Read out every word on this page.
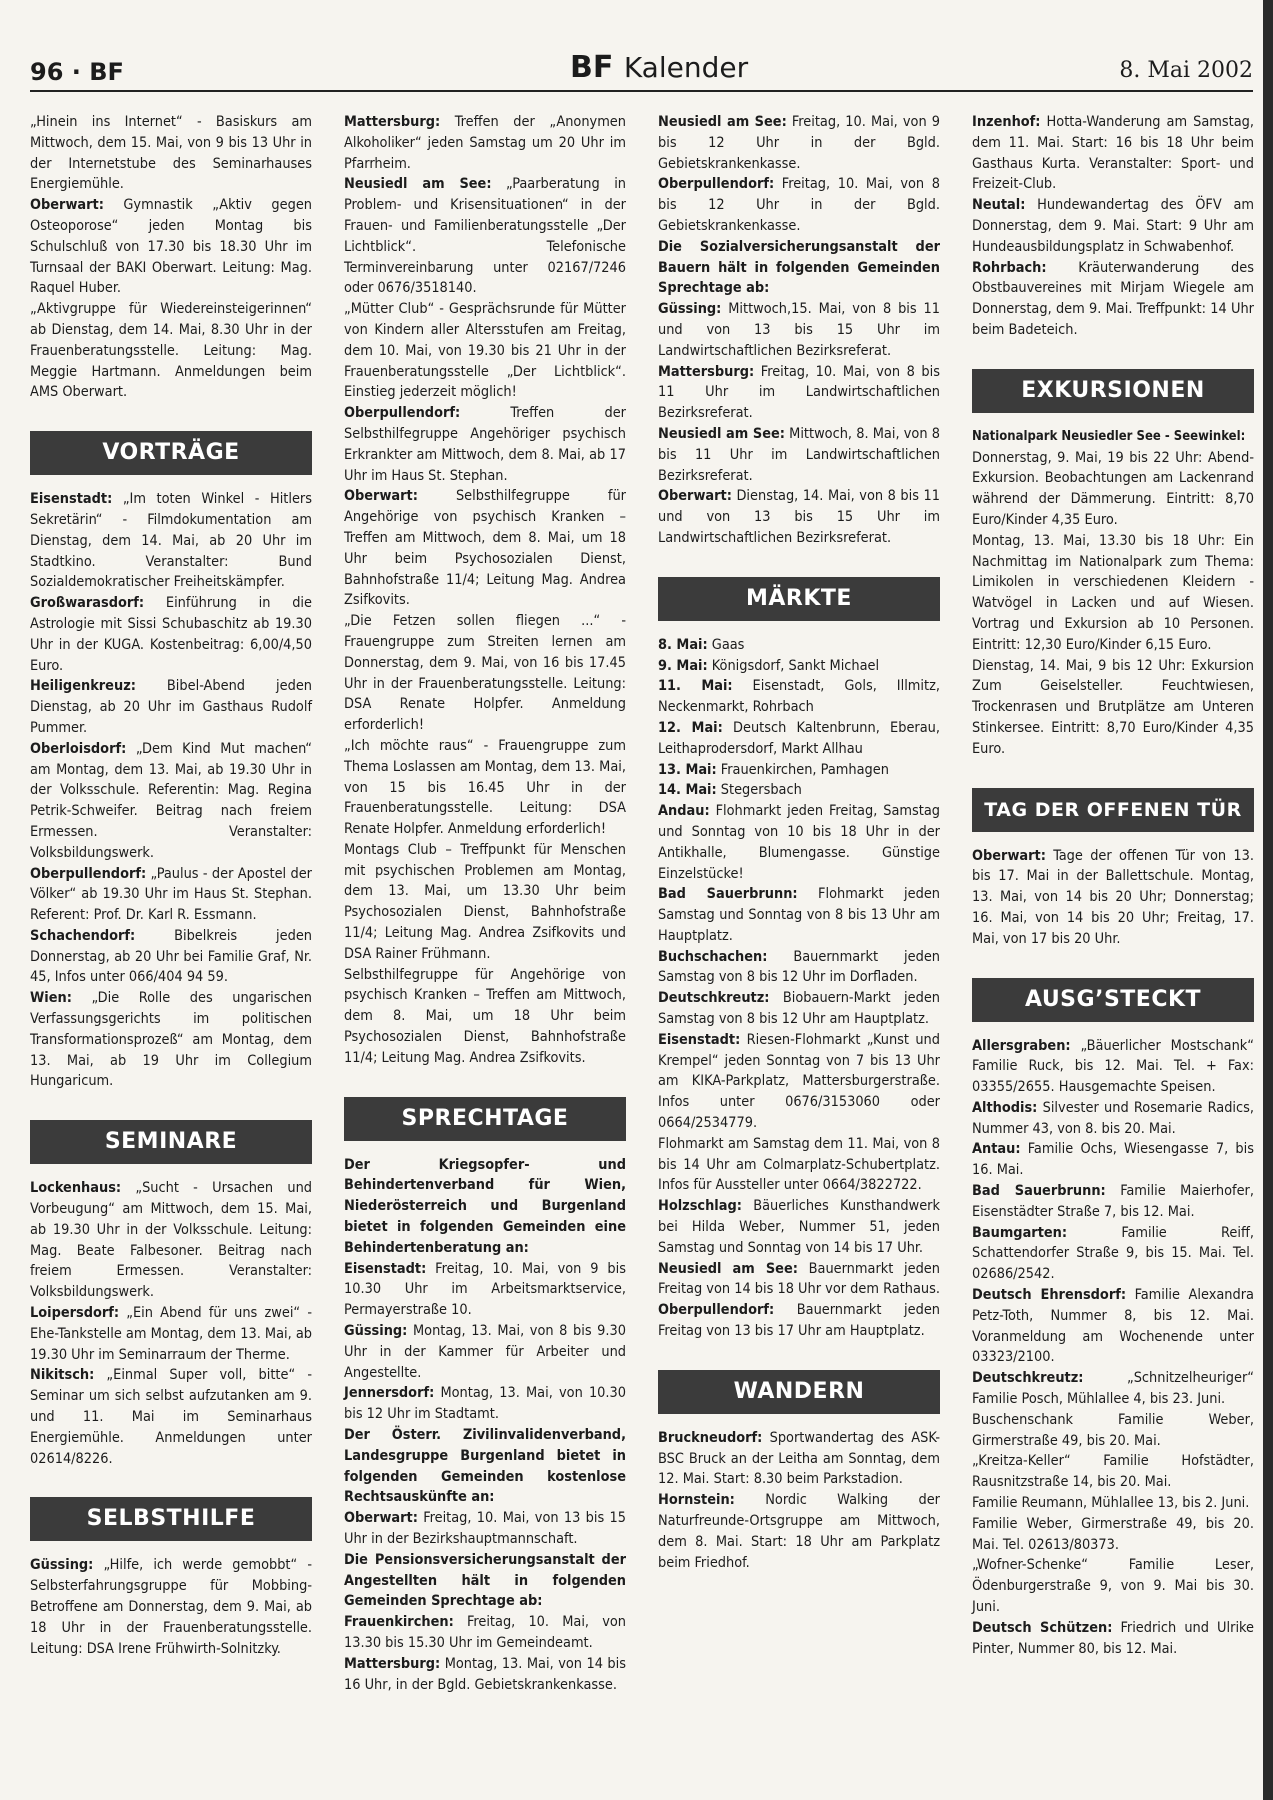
96 · BF	BF Kalender	8. Mai 2002

„Hinein ins Internet“ - Basiskurs am Mittwoch, dem 15. Mai, von 9 bis 13 Uhr in der Internetstube des Seminarhauses Energiemühle.

Oberwart: Gymnastik „Aktiv gegen Osteoporose“ jeden Montag bis Schulschluß von 17.30 bis 18.30 Uhr im Turnsaal der BAKI Oberwart. Leitung: Mag. Raquel Huber.

„Aktivgruppe für Wiedereinsteigerinnen“ ab Dienstag, dem 14. Mai, 8.30 Uhr in der Frauenberatungsstelle. Leitung: Mag. Meggie Hartmann. Anmeldungen beim AMS Oberwart.

VORTRÄGE

Eisenstadt: „Im toten Winkel - Hitlers Sekretärin“ - Filmdokumentation am Dienstag, dem 14. Mai, ab 20 Uhr im Stadtkino. Veranstalter: Bund Sozialdemokratischer Freiheitskämpfer.

Großwarasdorf: Einführung in die Astrologie mit Sissi Schubaschitz ab 19.30 Uhr in der KUGA. Kostenbeitrag: 6,00/4,50 Euro.

Heiligenkreuz: Bibel-Abend jeden Dienstag, ab 20 Uhr im Gasthaus Rudolf Pummer.

Oberloisdorf: „Dem Kind Mut machen“ am Montag, dem 13. Mai, ab 19.30 Uhr in der Volksschule. Referentin: Mag. Regina Petrik-Schweifer. Beitrag nach freiem Ermessen. Veranstalter: Volksbildungswerk.

Oberpullendorf: „Paulus - der Apostel der Völker“ ab 19.30 Uhr im Haus St. Stephan. Referent: Prof. Dr. Karl R. Essmann.

Schachendorf: Bibelkreis jeden Donnerstag, ab 20 Uhr bei Familie Graf, Nr. 45, Infos unter 066/404 94 59.

Wien: „Die Rolle des ungarischen Verfassungsgerichts im politischen Transformationsprozeß“ am Montag, dem 13. Mai, ab 19 Uhr im Collegium Hungaricum.

SEMINARE

Lockenhaus: „Sucht - Ursachen und Vorbeugung“ am Mittwoch, dem 15. Mai, ab 19.30 Uhr in der Volksschule. Leitung: Mag. Beate Falbesoner. Beitrag nach freiem Ermessen. Veranstalter: Volksbildungswerk.

Loipersdorf: „Ein Abend für uns zwei“ - Ehe-Tankstelle am Montag, dem 13. Mai, ab 19.30 Uhr im Seminarraum der Therme.

Nikitsch: „Einmal Super voll, bitte“ - Seminar um sich selbst aufzutanken am 9. und 11. Mai im Seminarhaus Energiemühle. Anmeldungen unter 02614/8226.

SELBSTHILFE

Güssing: „Hilfe, ich werde gemobbt“ - Selbsterfahrungsgruppe für Mobbing-Betroffene am Donnerstag, dem 9. Mai, ab 18 Uhr in der Frauenberatungsstelle. Leitung: DSA Irene Frühwirth-Solnitzky.

Mattersburg: Treffen der „Anonymen Alkoholiker“ jeden Samstag um 20 Uhr im Pfarrheim.

Neusiedl am See: „Paarberatung in Problem- und Krisensituationen“ in der Frauen- und Familienberatungsstelle „Der Lichtblick“. Telefonische Terminvereinbarung unter 02167/7246 oder 0676/3518140.

„Mütter Club“ - Gesprächsrunde für Mütter von Kindern aller Altersstufen am Freitag, dem 10. Mai, von 19.30 bis 21 Uhr in der Frauenberatungsstelle „Der Lichtblick“. Einstieg jederzeit möglich!

Oberpullendorf: Treffen der Selbsthilfegruppe Angehöriger psychisch Erkrankter am Mittwoch, dem 8. Mai, ab 17 Uhr im Haus St. Stephan.

Oberwart: Selbsthilfegruppe für Angehörige von psychisch Kranken – Treffen am Mittwoch, dem 8. Mai, um 18 Uhr beim Psychosozialen Dienst, Bahnhofstraße 11/4; Leitung Mag. Andrea Zsifkovits.

„Die Fetzen sollen fliegen ...“ - Frauengruppe zum Streiten lernen am Donnerstag, dem 9. Mai, von 16 bis 17.45 Uhr in der Frauenberatungsstelle. Leitung: DSA Renate Holpfer. Anmeldung erforderlich!

„Ich möchte raus“ - Frauengruppe zum Thema Loslassen am Montag, dem 13. Mai, von 15 bis 16.45 Uhr in der Frauenberatungsstelle. Leitung: DSA Renate Holpfer. Anmeldung erforderlich!

Montags Club – Treffpunkt für Menschen mit psychischen Problemen am Montag, dem 13. Mai, um 13.30 Uhr beim Psychosozialen Dienst, Bahnhofstraße 11/4; Leitung Mag. Andrea Zsifkovits und DSA Rainer Frühmann.

Selbsthilfegruppe für Angehörige von psychisch Kranken – Treffen am Mittwoch, dem 8. Mai, um 18 Uhr beim Psychosozialen Dienst, Bahnhofstraße 11/4; Leitung Mag. Andrea Zsifkovits.

SPRECHTAGE

Der Kriegsopfer- und Behindertenverband für Wien, Niederösterreich und Burgenland bietet in folgenden Gemeinden eine Behindertenberatung an:

Eisenstadt: Freitag, 10. Mai, von 9 bis 10.30 Uhr im Arbeitsmarktservice, Permayerstraße 10.

Güssing: Montag, 13. Mai, von 8 bis 9.30 Uhr in der Kammer für Arbeiter und Angestellte.

Jennersdorf: Montag, 13. Mai, von 10.30 bis 12 Uhr im Stadtamt.

Der Österr. Zivilinvalidenverband, Landesgruppe Burgenland bietet in folgenden Gemeinden kostenlose Rechtsauskünfte an:

Oberwart: Freitag, 10. Mai, von 13 bis 15 Uhr in der Bezirkshauptmannschaft.

Die Pensionsversicherungsanstalt der Angestellten hält in folgenden Gemeinden Sprechtage ab:

Frauenkirchen: Freitag, 10. Mai, von 13.30 bis 15.30 Uhr im Gemeindeamt.

Mattersburg: Montag, 13. Mai, von 14 bis 16 Uhr, in der Bgld. Gebietskrankenkasse.

Neusiedl am See: Freitag, 10. Mai, von 9 bis 12 Uhr in der Bgld. Gebietskrankenkasse.

Oberpullendorf: Freitag, 10. Mai, von 8 bis 12 Uhr in der Bgld. Gebietskrankenkasse.

Die Sozialversicherungsanstalt der Bauern hält in folgenden Gemeinden Sprechtage ab:

Güssing: Mittwoch,15. Mai, von 8 bis 11 und von 13 bis 15 Uhr im Landwirtschaftlichen Bezirksreferat.

Mattersburg: Freitag, 10. Mai, von 8 bis 11 Uhr im Landwirtschaftlichen Bezirksreferat.

Neusiedl am See: Mittwoch, 8. Mai, von 8 bis 11 Uhr im Landwirtschaftlichen Bezirksreferat.

Oberwart: Dienstag, 14. Mai, von 8 bis 11 und von 13 bis 15 Uhr im Landwirtschaftlichen Bezirksreferat.

MÄRKTE

8. Mai: Gaas

9. Mai: Königsdorf, Sankt Michael

11. Mai: Eisenstadt, Gols, Illmitz, Neckenmarkt, Rohrbach

12. Mai: Deutsch Kaltenbrunn, Eberau, Leithaprodersdorf, Markt Allhau

13. Mai: Frauenkirchen, Pamhagen

14. Mai: Stegersbach

Andau: Flohmarkt jeden Freitag, Samstag und Sonntag von 10 bis 18 Uhr in der Antikhalle, Blumengasse. Günstige Einzelstücke!

Bad Sauerbrunn: Flohmarkt jeden Samstag und Sonntag von 8 bis 13 Uhr am Hauptplatz.

Buchschachen: Bauernmarkt jeden Samstag von 8 bis 12 Uhr im Dorfladen.

Deutschkreutz: Biobauern-Markt jeden Samstag von 8 bis 12 Uhr am Hauptplatz.

Eisenstadt: Riesen-Flohmarkt „Kunst und Krempel“ jeden Sonntag von 7 bis 13 Uhr am KIKA-Parkplatz, Mattersburgerstraße. Infos unter 0676/3153060 oder 0664/2534779.

Flohmarkt am Samstag dem 11. Mai, von 8 bis 14 Uhr am Colmarplatz-Schubertplatz. Infos für Aussteller unter 0664/3822722.

Holzschlag: Bäuerliches Kunsthandwerk bei Hilda Weber, Nummer 51, jeden Samstag und Sonntag von 14 bis 17 Uhr.

Neusiedl am See: Bauernmarkt jeden Freitag von 14 bis 18 Uhr vor dem Rathaus.

Oberpullendorf: Bauernmarkt jeden Freitag von 13 bis 17 Uhr am Hauptplatz.

WANDERN

Bruckneudorf: Sportwandertag des ASK-BSC Bruck an der Leitha am Sonntag, dem 12. Mai. Start: 8.30 beim Parkstadion.

Hornstein: Nordic Walking der Naturfreunde-Ortsgruppe am Mittwoch, dem 8. Mai. Start: 18 Uhr am Parkplatz beim Friedhof.

Inzenhof: Hotta-Wanderung am Samstag, dem 11. Mai. Start: 16 bis 18 Uhr beim Gasthaus Kurta. Veranstalter: Sport- und Freizeit-Club.

Neutal: Hundewandertag des ÖFV am Donnerstag, dem 9. Mai. Start: 9 Uhr am Hundeausbildungsplatz in Schwabenhof.

Rohrbach: Kräuterwanderung des Obstbauvereines mit Mirjam Wiegele am Donnerstag, dem 9. Mai. Treffpunkt: 14 Uhr beim Badeteich.

EXKURSIONEN

Nationalpark Neusiedler See - Seewinkel:

Donnerstag, 9. Mai, 19 bis 22 Uhr: Abend-Exkursion. Beobachtungen am Lackenrand während der Dämmerung. Eintritt: 8,70 Euro/Kinder 4,35 Euro.

Montag, 13. Mai, 13.30 bis 18 Uhr: Ein Nachmittag im Nationalpark zum Thema: Limikolen in verschiedenen Kleidern - Watvögel in Lacken und auf Wiesen. Vortrag und Exkursion ab 10 Personen. Eintritt: 12,30 Euro/Kinder 6,15 Euro.

Dienstag, 14. Mai, 9 bis 12 Uhr: Exkursion Zum Geiselsteller. Feuchtwiesen, Trockenrasen und Brutplätze am Unteren Stinkersee. Eintritt: 8,70 Euro/Kinder 4,35 Euro.

TAG DER OFFENEN TÜR

Oberwart: Tage der offenen Tür von 13. bis 17. Mai in der Ballettschule. Montag, 13. Mai, von 14 bis 20 Uhr; Donnerstag; 16. Mai, von 14 bis 20 Uhr; Freitag, 17. Mai, von 17 bis 20 Uhr.

AUSG’STECKT

Allersgraben: „Bäuerlicher Mostschank“ Familie Ruck, bis 12. Mai. Tel. + Fax: 03355/2655. Hausgemachte Speisen.

Althodis: Silvester und Rosemarie Radics, Nummer 43, von 8. bis 20. Mai.

Antau: Familie Ochs, Wiesengasse 7, bis 16. Mai.

Bad Sauerbrunn: Familie Maierhofer, Eisenstädter Straße 7, bis 12. Mai.

Baumgarten: Familie Reiff, Schattendorfer Straße 9, bis 15. Mai. Tel. 02686/2542.

Deutsch Ehrensdorf: Familie Alexandra Petz-Toth, Nummer 8, bis 12. Mai. Voranmeldung am Wochenende unter 03323/2100.

Deutschkreutz: „Schnitzelheuriger“ Familie Posch, Mühlallee 4, bis 23. Juni.

Buschenschank Familie Weber, Girmerstraße 49, bis 20. Mai.

„Kreitza-Keller“ Familie Hofstädter, Rausnitzstraße 14, bis 20. Mai.

Familie Reumann, Mühlallee 13, bis 2. Juni.

Familie Weber, Girmerstraße 49, bis 20. Mai. Tel. 02613/80373.

„Wofner-Schenke“ Familie Leser, Ödenburgerstraße 9, von 9. Mai bis 30. Juni.

Deutsch Schützen: Friedrich und Ulrike Pinter, Nummer 80, bis 12. Mai.
